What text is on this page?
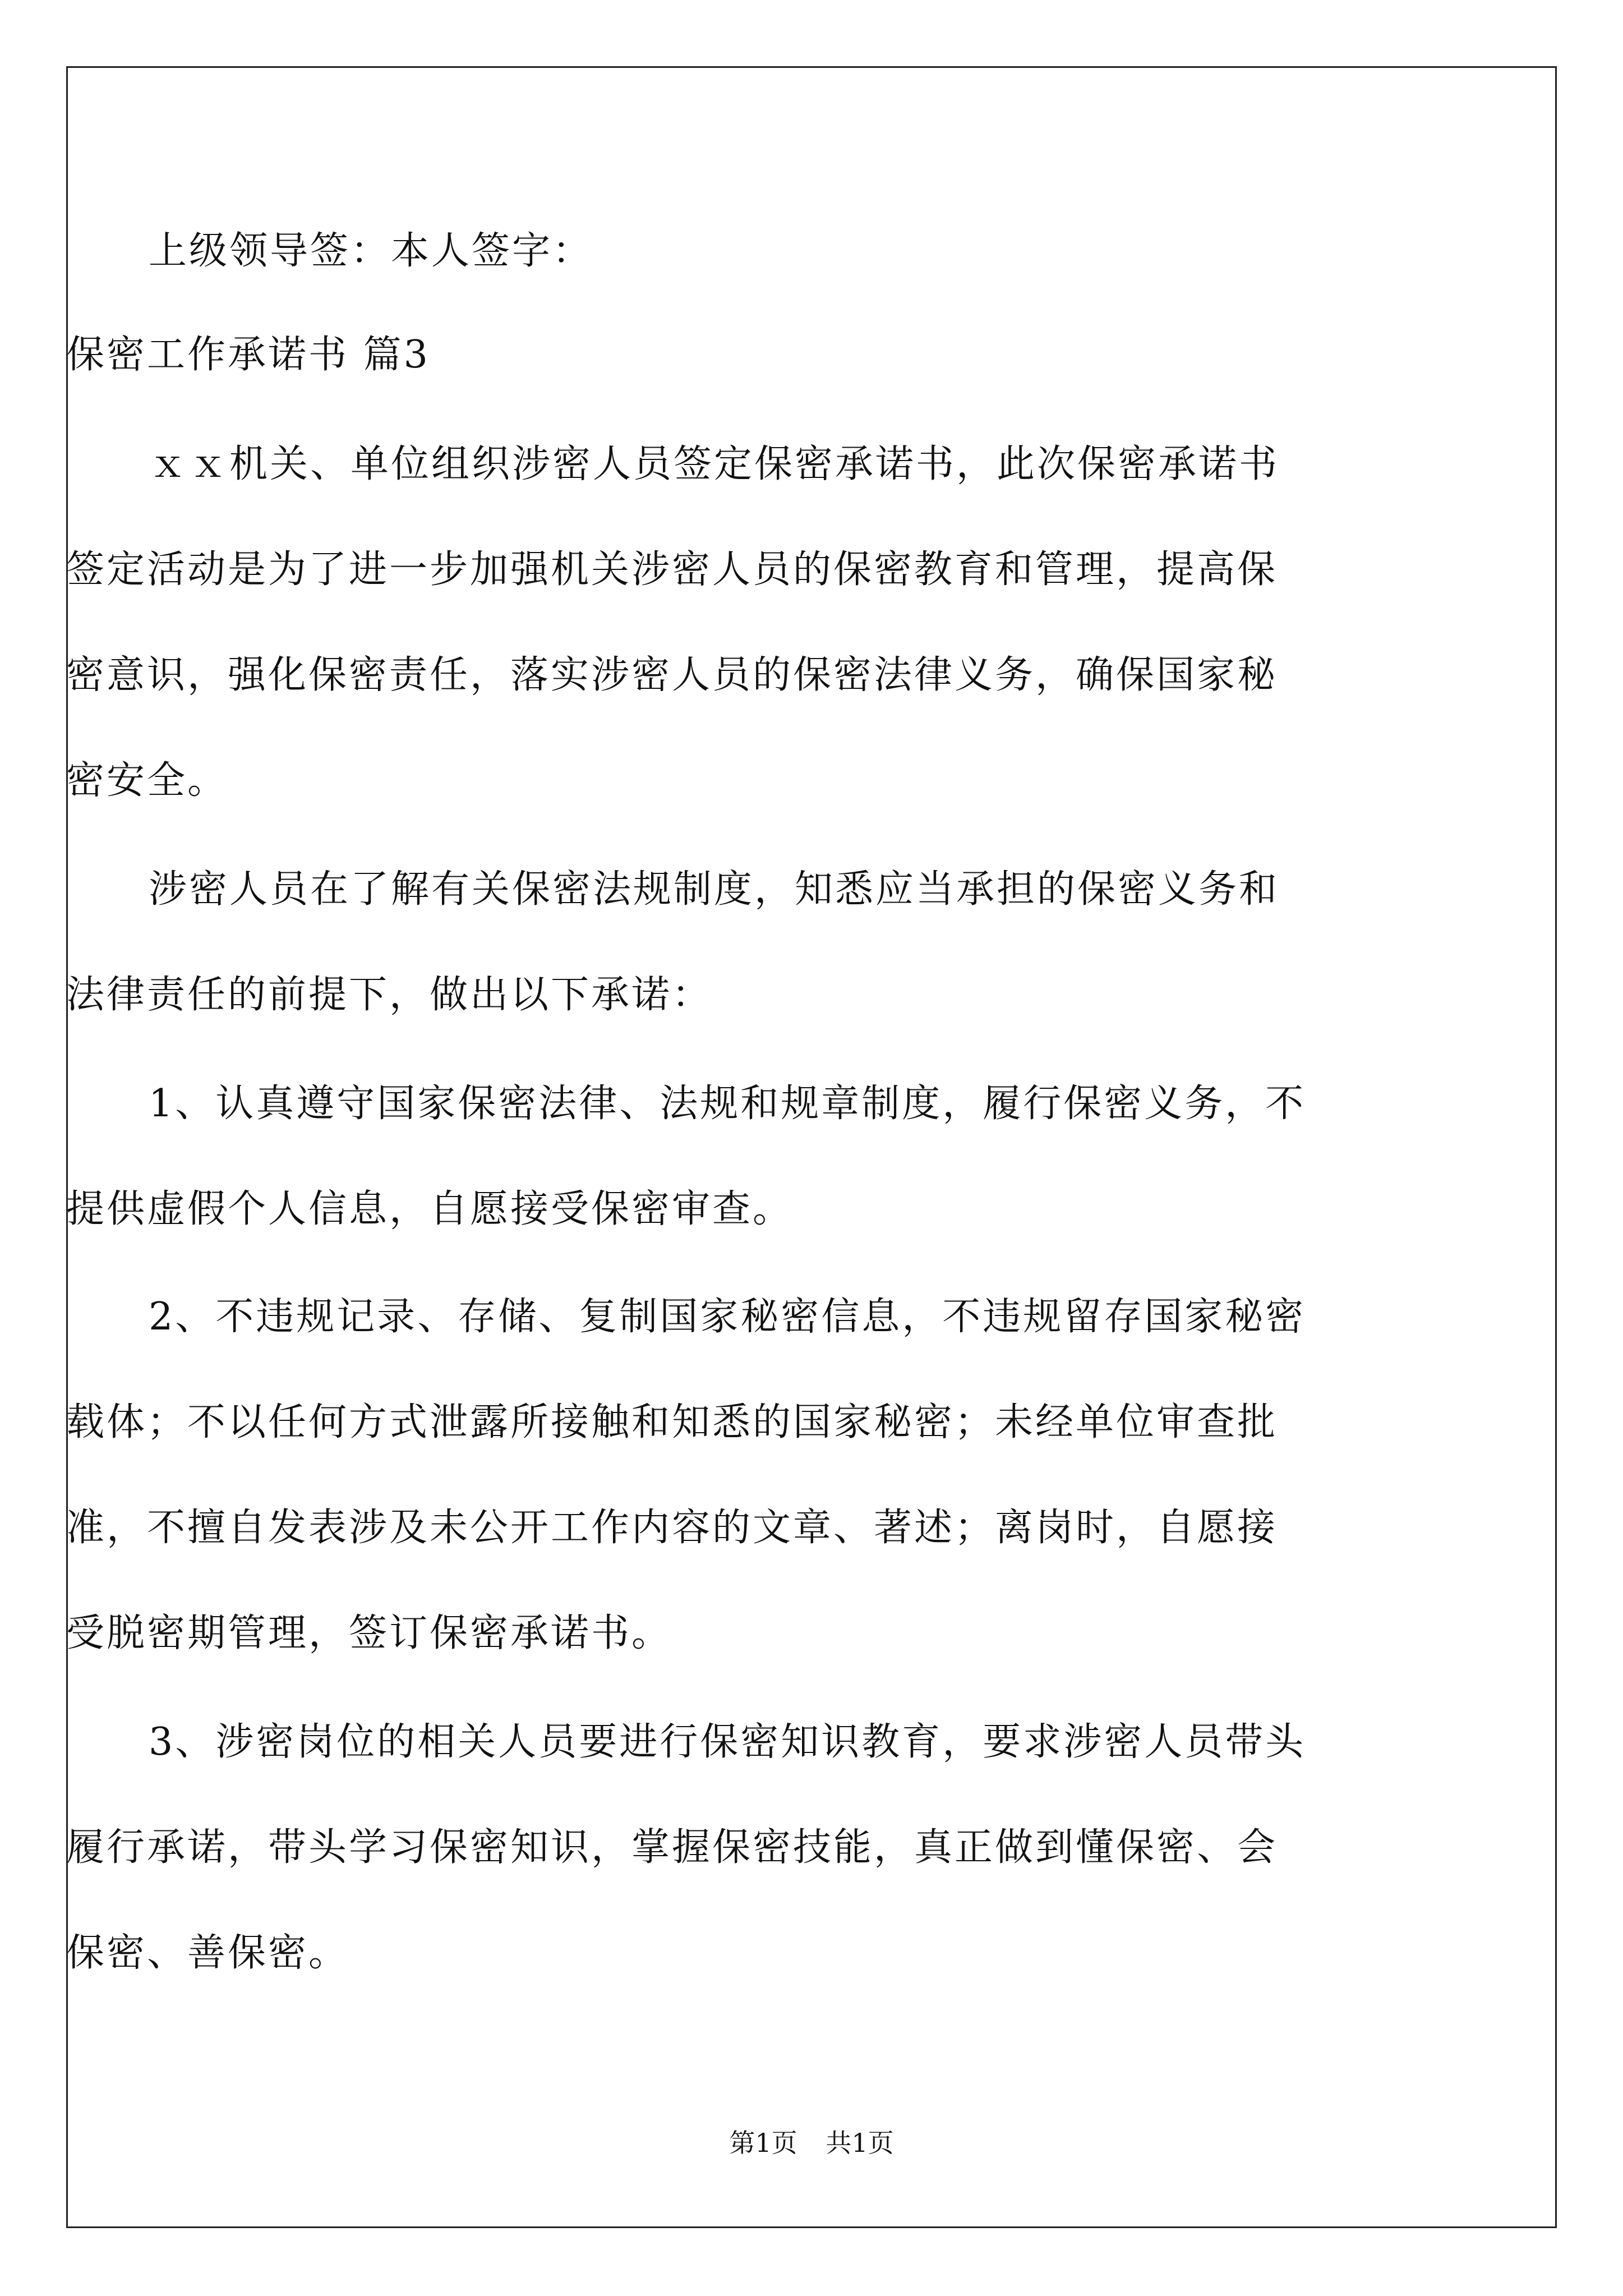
上级领导签：本人签字：
保密工作承诺书 篇3
ｘｘ机关、单位组织涉密人员签定保密承诺书，此次保密承诺书
签定活动是为了进一步加强机关涉密人员的保密教育和管理，提高保
密意识，强化保密责任，落实涉密人员的保密法律义务，确保国家秘
密安全。
涉密人员在了解有关保密法规制度，知悉应当承担的保密义务和
法律责任的前提下，做出以下承诺：
1、认真遵守国家保密法律、法规和规章制度，履行保密义务，不
提供虚假个人信息，自愿接受保密审查。
2、不违规记录、存储、复制国家秘密信息，不违规留存国家秘密
载体；不以任何方式泄露所接触和知悉的国家秘密；未经单位审查批
准，不擅自发表涉及未公开工作内容的文章、著述；离岗时，自愿接
受脱密期管理，签订保密承诺书。
3、涉密岗位的相关人员要进行保密知识教育，要求涉密人员带头
履行承诺，带头学习保密知识，掌握保密技能，真正做到懂保密、会
保密、善保密。
第1页 共1页
